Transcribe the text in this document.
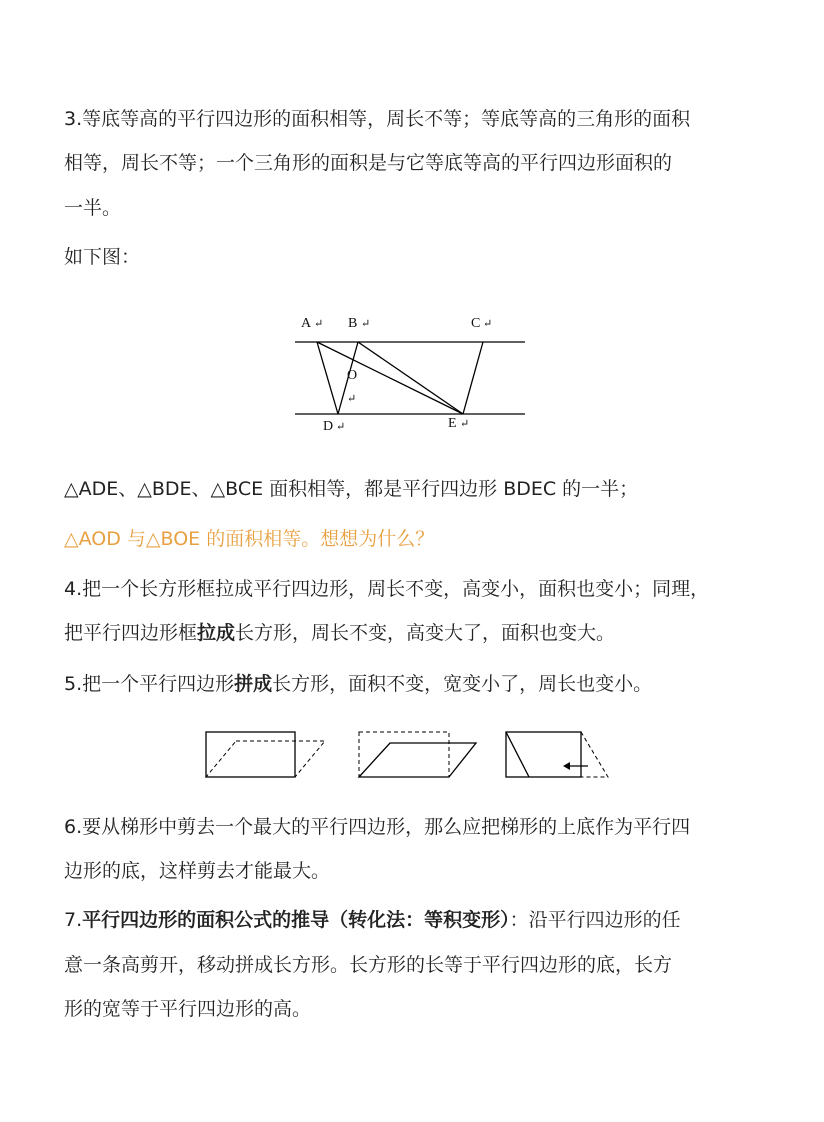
3.等底等高的平行四边形的面积相等，周长不等；等底等高的三角形的面积
相等，周长不等；一个三角形的面积是与它等底等高的平行四边形面积的
一半。
如下图：
A ↵ B ↵	C ↵
O
↵
D ↵	E ↵
△ADE、△BDE、△BCE 面积相等，都是平行四边形 BDEC 的一半；
△AOD 与△BOE 的面积相等。想想为什么？
4.把一个长方形框拉成平行四边形，周长不变，高变小，面积也变小；同理，
把平行四边形框拉成长方形，周长不变，高变大了，面积也变大。
5.把一个平行四边形拼成长方形，面积不变，宽变小了，周长也变小。
6.要从梯形中剪去一个最大的平行四边形，那么应把梯形的上底作为平行四
边形的底，这样剪去才能最大。
7.平行四边形的面积公式的推导（转化法：等积变形）：沿平行四边形的任
意一条高剪开，移动拼成长方形。长方形的长等于平行四边形的底，长方
形的宽等于平行四边形的高。
